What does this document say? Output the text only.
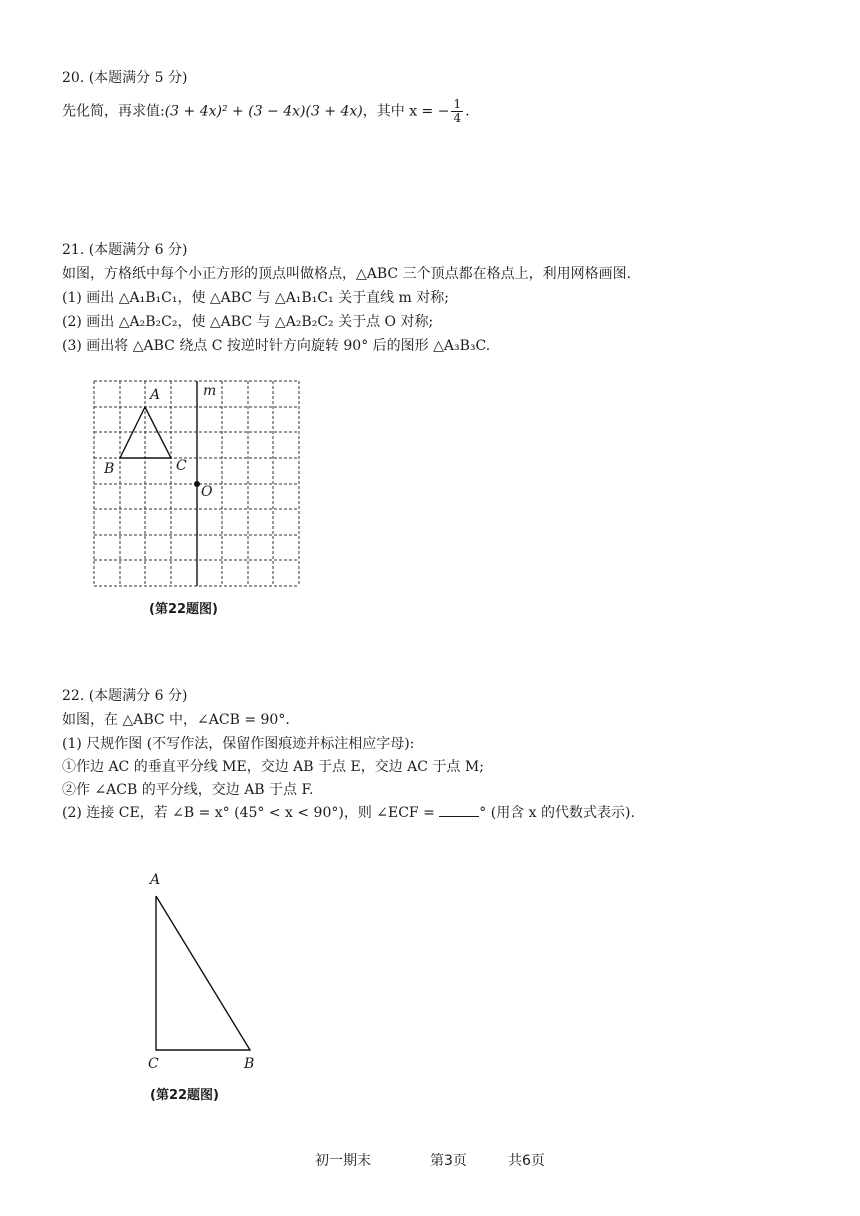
20. (本题满分 5 分)
先化简，再求值:(3 + 4x)² + (3 − 4x)(3 + 4x)，其中 x = − $\frac{1}{4}$ .
21. (本题满分 6 分)
如图，方格纸中每个小正方形的顶点叫做格点，△ABC 三个顶点都在格点上，利用网格画图.
(1) 画出 △A₁B₁C₁，使 △ABC 与 △A₁B₁C₁ 关于直线 m 对称;
(2) 画出 △A₂B₂C₂，使 △ABC 与 △A₂B₂C₂ 关于点 O 对称;
(3) 画出将 △ABC 绕点 C 按逆时针方向旋转 90° 后的图形 △A₃B₃C.
A
B	C
O
m
(第22题图)
22. (本题满分 6 分)
如图，在 △ABC 中，∠ACB = 90°.
(1) 尺规作图 (不写作法，保留作图痕迹并标注相应字母):
①作边 AC 的垂直平分线 ME，交边 AB 于点 E，交边 AC 于点 M;
②作 ∠ACB 的平分线，交边 AB 于点 F.
(2) 连接 CE，若 ∠B = x° (45° < x < 90°)，则 ∠ECF =	° (用含 x 的代数式表示).
A
C	B
(第22题图)
初一期末	第3页	共6页
